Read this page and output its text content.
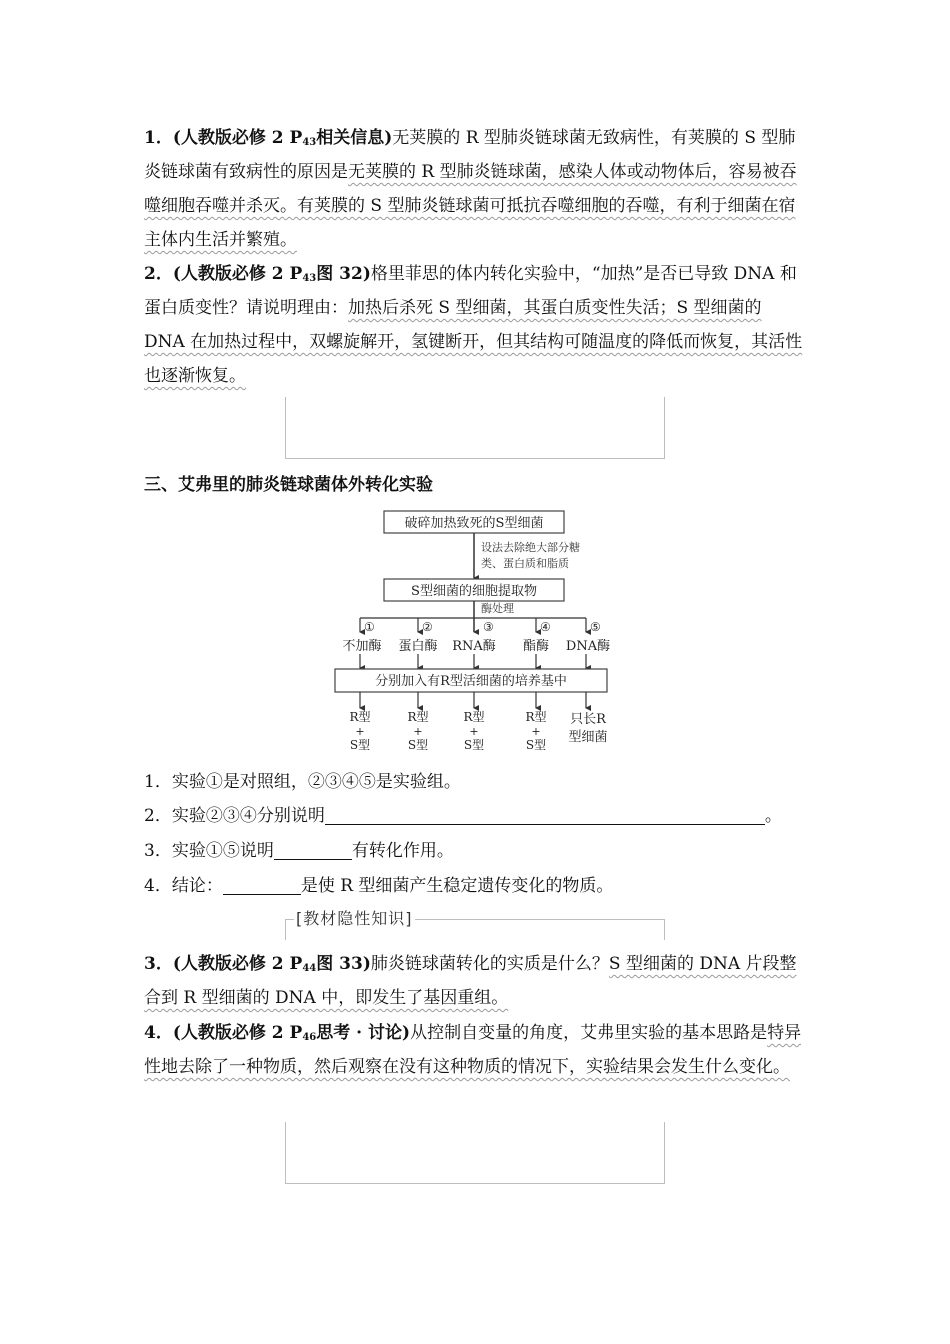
1．(人教版必修 2 $P_{43}$相关信息)无荚膜的 R 型肺炎链球菌无致病性，有荚膜的 S 型肺炎链球菌有致病性的原因是无荚膜的 R 型肺炎链球菌，感染人体或动物体后，容易被吞噬细胞吞噬并杀灭。有荚膜的 S 型肺炎链球菌可抵抗吞噬细胞的吞噬，有利于细菌在宿主体内生活并繁殖。

2．(人教版必修 2 $P_{43}$图 32)格里菲思的体内转化实验中，“加热”是否已导致 DNA 和蛋白质变性？请说明理由：加热后杀死 S 型细菌，其蛋白质变性失活；S 型细菌的 DNA 在加热过程中，双螺旋解开，氢键断开，但其结构可随温度的降低而恢复，其活性也逐渐恢复。

三、艾弗里的肺炎链球菌体外转化实验

破碎加热致死的S型细菌
设法去除绝大部分糖
类、蛋白质和脂质
S型细菌的细胞提取物
酶处理
①	②	③	④	⑤
不加酶 蛋白酶 RNA酶 酯酶 DNA酶
分别加入有R型活细菌的培养基中
R型
+
S型
R型
+
S型
R型
+
S型
R型
+
S型
只长R
型细菌

1．实验①是对照组，②③④⑤是实验组。

2．实验②③④分别说明	。

3．实验①⑤说明	有转化作用。

4．结论：	是使 R 型细菌产生稳定遗传变化的物质。

[教材隐性知识]

3．(人教版必修 2 $P_{44}$图 33)肺炎链球菌转化的实质是什么？S 型细菌的 DNA 片段整合到 R 型细菌的 DNA 中，即发生了基因重组。

4．(人教版必修 2 $P_{46}$思考 · 讨论)从控制自变量的角度，艾弗里实验的基本思路是特异性地去除了一种物质，然后观察在没有这种物质的情况下，实验结果会发生什么变化。
